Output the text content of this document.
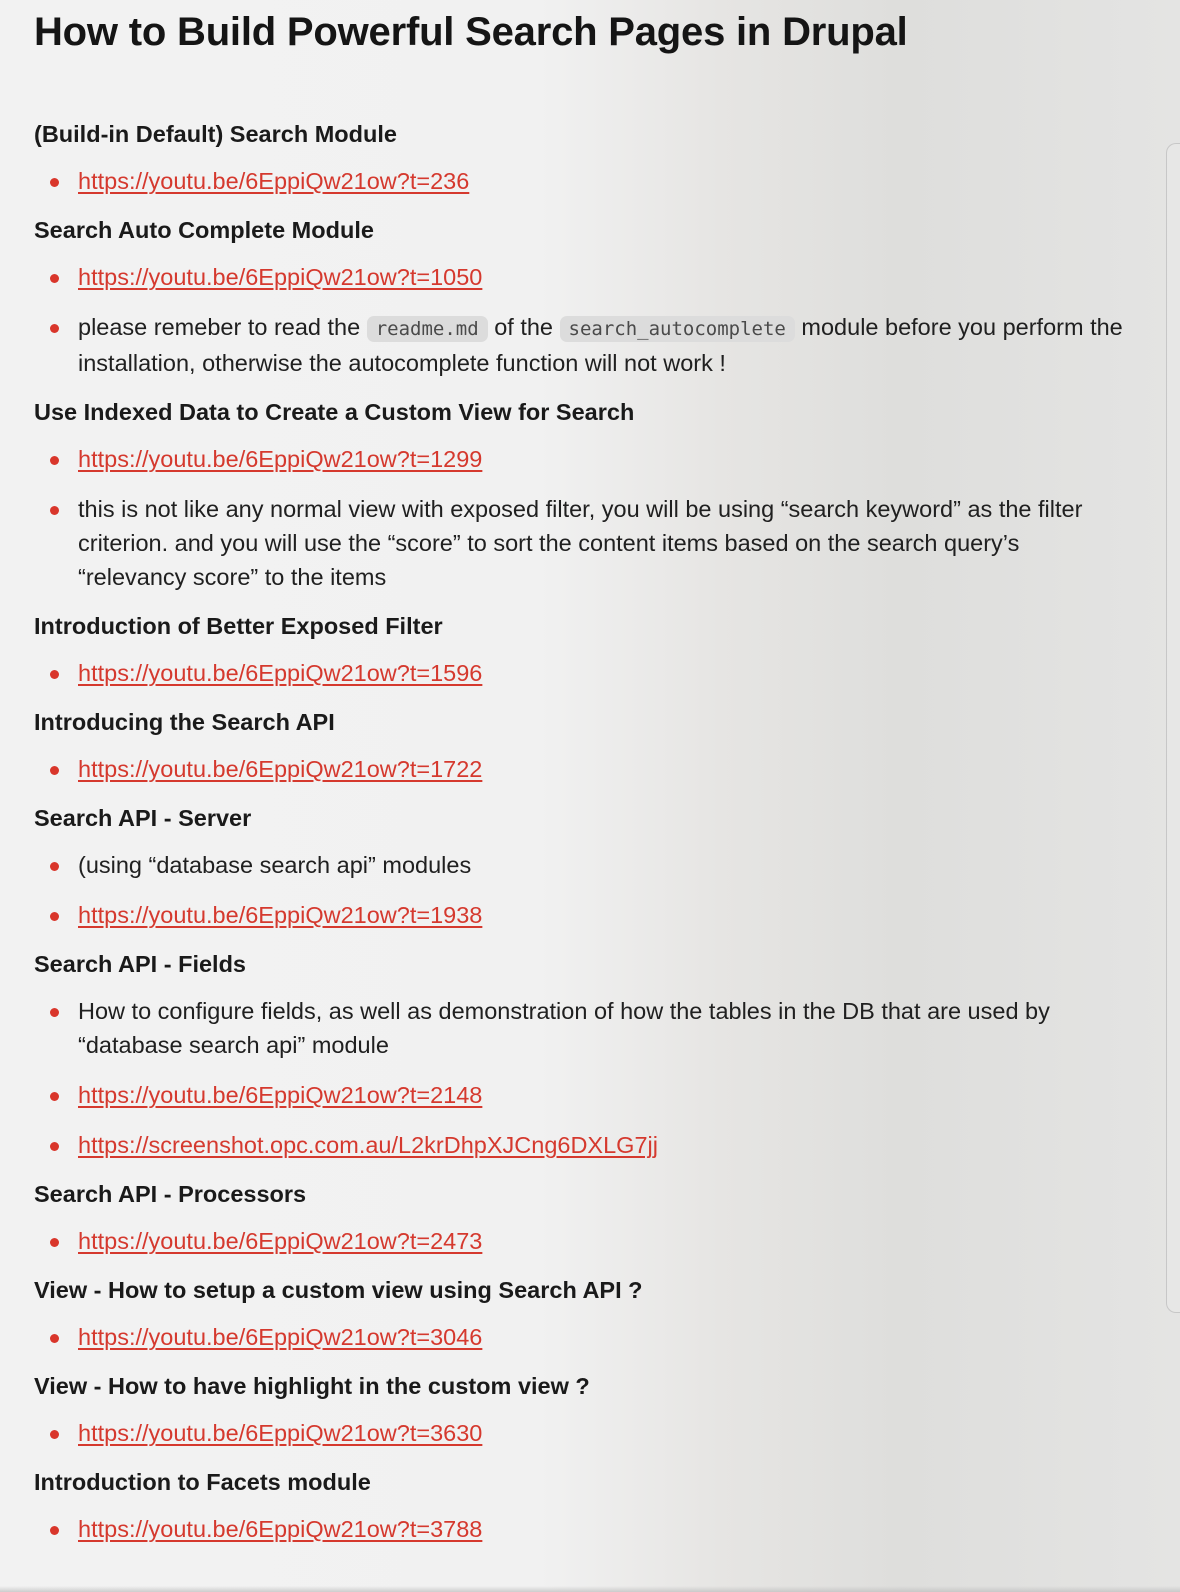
How to Build Powerful Search Pages in Drupal
(Build-in Default) Search Module
https://youtu.be/6EppiQw21ow?t=236
Search Auto Complete Module
https://youtu.be/6EppiQw21ow?t=1050
please remeber to read the readme.md of the search_autocomplete module before you perform the installation, otherwise the autocomplete function will not work !
Use Indexed Data to Create a Custom View for Search
https://youtu.be/6EppiQw21ow?t=1299
this is not like any normal view with exposed filter, you will be using “search keyword” as the filter criterion. and you will use the “score” to sort the content items based on the search query’s “relevancy score” to the items
Introduction of Better Exposed Filter
https://youtu.be/6EppiQw21ow?t=1596
Introducing the Search API
https://youtu.be/6EppiQw21ow?t=1722
Search API - Server
(using “database search api” modules
https://youtu.be/6EppiQw21ow?t=1938
Search API - Fields
How to configure fields, as well as demonstration of how the tables in the DB that are used by “database search api” module
https://youtu.be/6EppiQw21ow?t=2148
https://screenshot.opc.com.au/L2krDhpXJCng6DXLG7jj
Search API - Processors
https://youtu.be/6EppiQw21ow?t=2473
View - How to setup a custom view using Search API ?
https://youtu.be/6EppiQw21ow?t=3046
View - How to have highlight in the custom view ?
https://youtu.be/6EppiQw21ow?t=3630
Introduction to Facets module
https://youtu.be/6EppiQw21ow?t=3788
